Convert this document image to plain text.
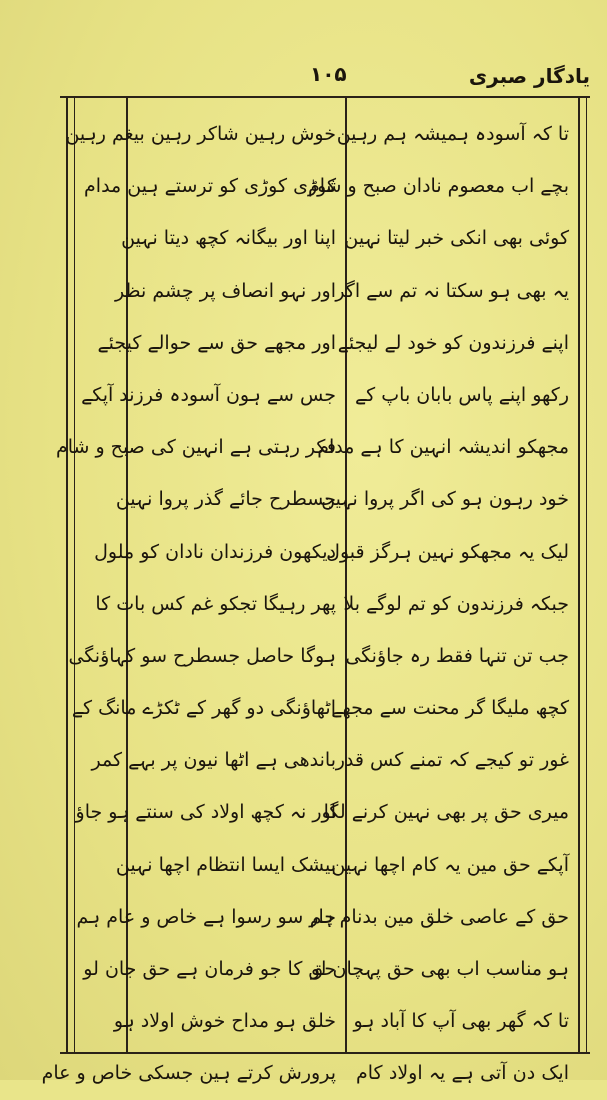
یادگار صبری
۱۰۵
تا کہ آسودہ ہمیشہ ہم رہین
بچے اب معصوم نادان صبح و شام
کوئی بھی انکی خبر لیتا نہین
یہ بھی ہو سکتا نہ تم سے اگر
اپنے فرزندون کو خود لے لیجئے
رکھو اپنے پاس بابان باپ کے
مجھکو اندیشہ انہین کا ہے مدام
خود رہون ہو کی اگر پروا نہین
لیک یہ مجھکو نہین ہرگز قبول
جبکہ فرزندون کو تم لوگے بلا
جب تن تنہا فقط رہ جاؤنگی
کچھ ملیگا گر محنت سے مجھے
غور تو کیجے کہ تمنے کس قدر
میری حق پر بھی نہین کرنے لگا
آپکے حق مین یہ کام اچھا نہین
حق کے عاصی خلق مین بدنام ہم
ہو مناسب اب بھی حق پہچان لو
تا کہ گھر بھی آپ کا آباد ہو
ایک دن آتی ہے یہ اولاد کام
خوش رہین شاکر رہین بیغم رہین
کوڑی کوڑی کو ترستے ہین مدام
اپنا اور بیگانہ کچھ دیتا نہین
اور نہو انصاف پر چشم نظر
اور مجھے حق سے حوالے کیجئے
جس سے ہون آسودہ فرزند آپکے
فکر رہتی ہے انہین کی صبح و شام
جسطرح جائے گذر پروا نہین
دیکھون فرزندان نادان کو ملول
پھر رہیگا تجکو غم کس بات کا
ہوگا حاصل جسطرح سو کہاؤنگی
اٹھاؤنگی دو گھر کے ٹکڑے مانگ کے
باندھی ہے اٹھا نیون پر بہے کمر
اور نہ کچھ اولاد کی سنتے ہو جاؤ
بیشک ایسا انتظام اچھا نہین
چار سو رسوا ہے خاص و عام ہم
حق کا جو فرمان ہے حق جان لو
خلق ہو مداح خوش اولاد ہو
پرورش کرتے ہین جسکی خاص و عام
